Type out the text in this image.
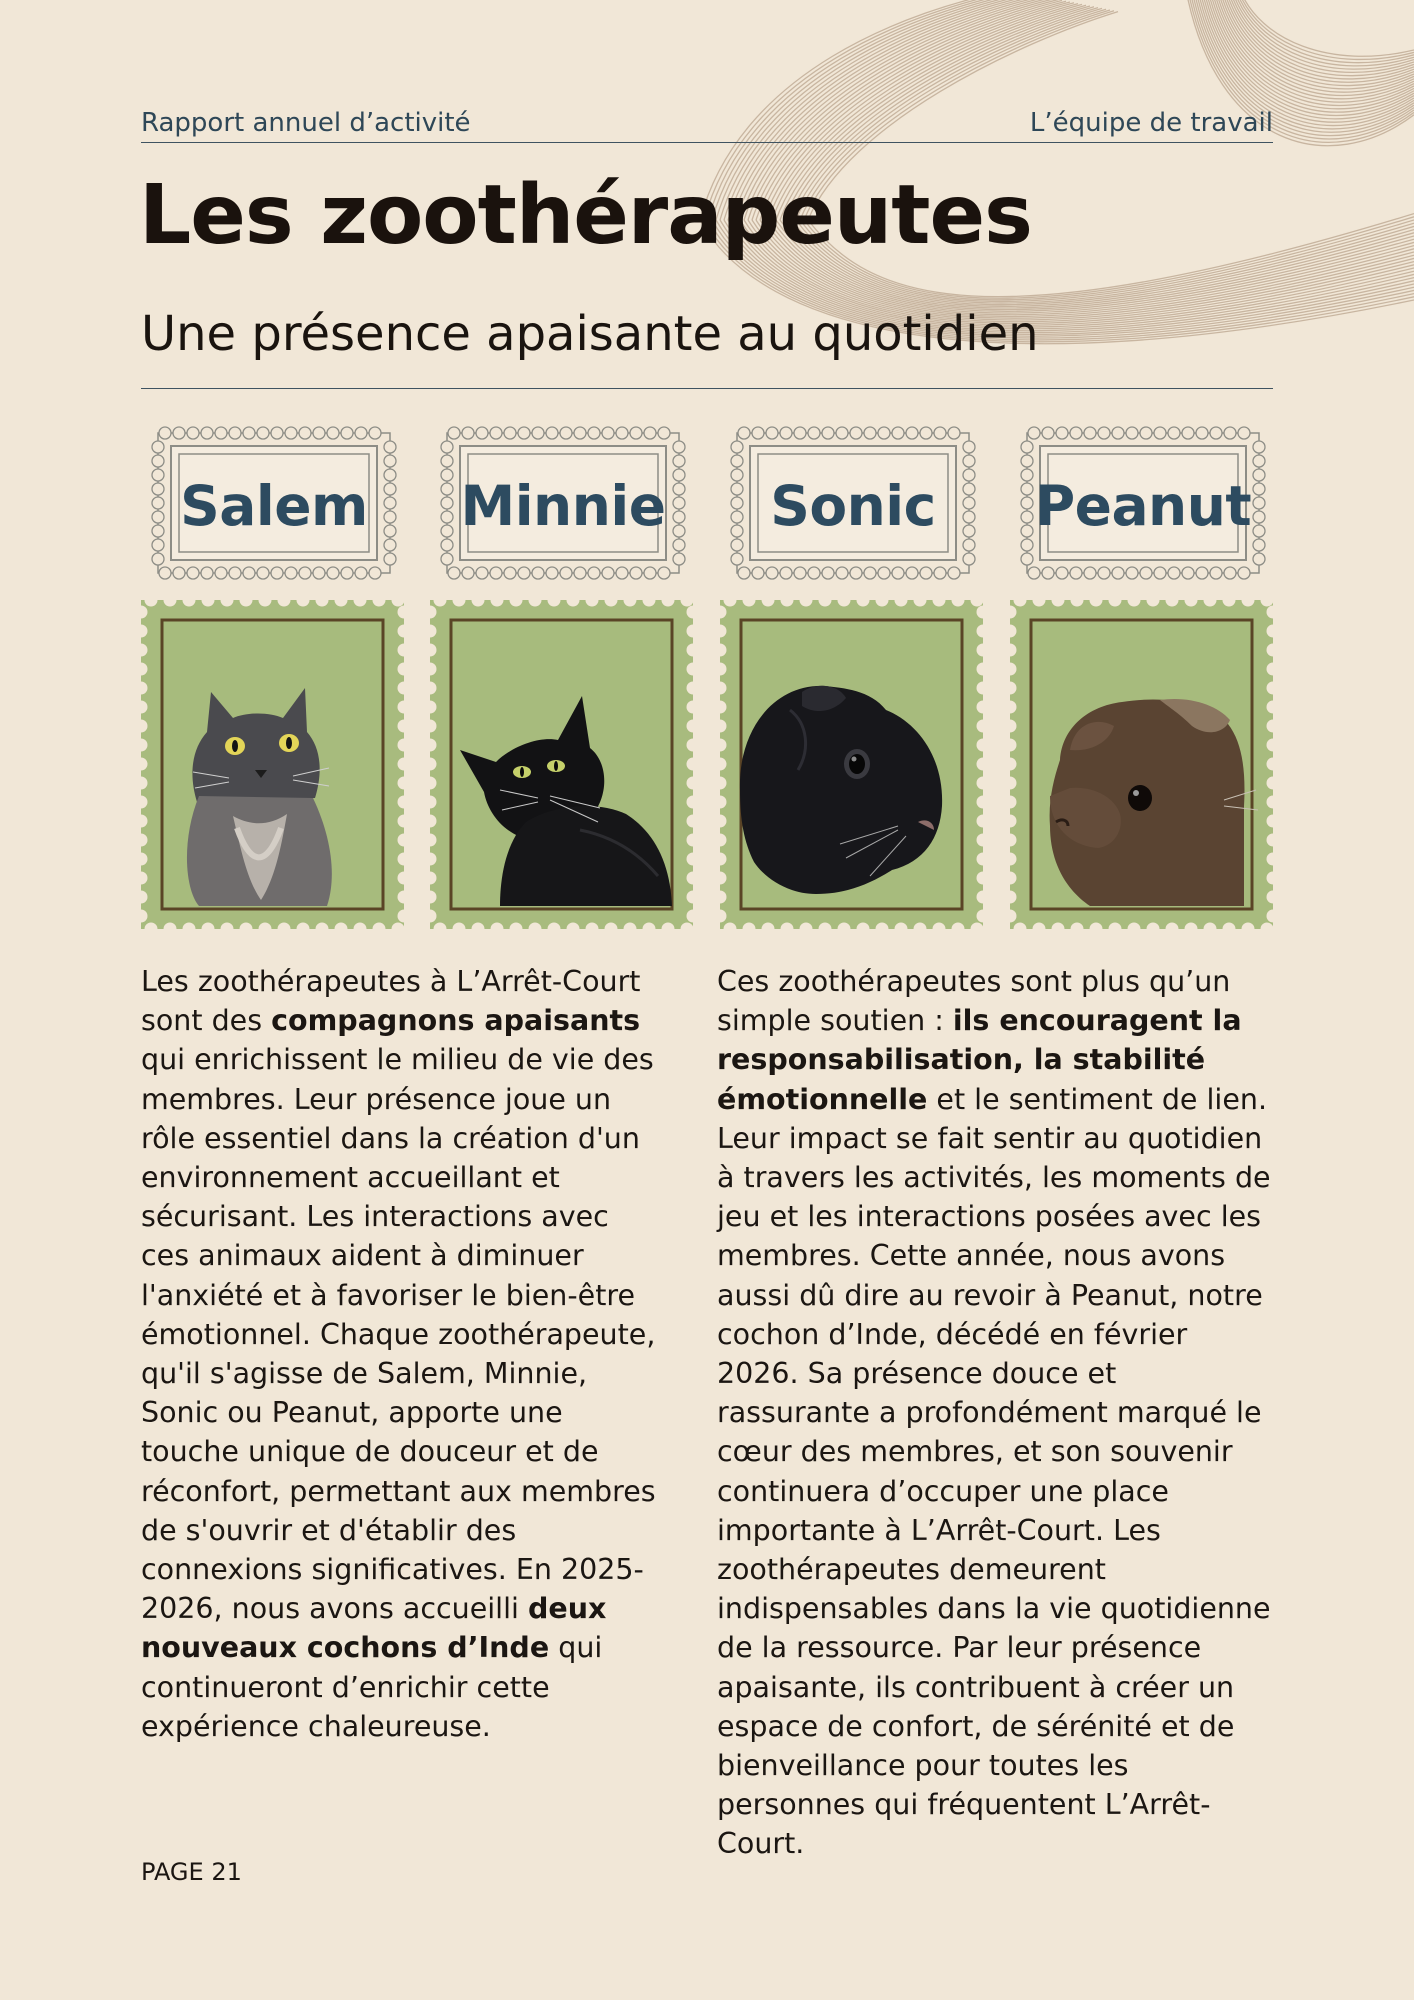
Rapport annuel d’activité	L’équipe de travail
Les zoothérapeutes
Une présence apaisante au quotidien
Salem	Minnie	Sonic	Peanut

Les zoothérapeutes à L’Arrêt-Court sont des compagnons apaisants qui enrichissent le milieu de vie des membres. Leur présence joue un rôle essentiel dans la création d'un environnement accueillant et sécurisant. Les interactions avec ces animaux aident à diminuer l'anxiété et à favoriser le bien-être émotionnel. Chaque zoothérapeute, qu'il s'agisse de Salem, Minnie, Sonic ou Peanut, apporte une touche unique de douceur et de réconfort, permettant aux membres de s'ouvrir et d'établir des connexions significatives. En 2025-2026, nous avons accueilli deux nouveaux cochons d’Inde qui continueront d’enrichir cette expérience chaleureuse.

Ces zoothérapeutes sont plus qu’un simple soutien : ils encouragent la responsabilisation, la stabilité émotionnelle et le sentiment de lien. Leur impact se fait sentir au quotidien à travers les activités, les moments de jeu et les interactions posées avec les membres. Cette année, nous avons aussi dû dire au revoir à Peanut, notre cochon d’Inde, décédé en février 2026. Sa présence douce et rassurante a profondément marqué le cœur des membres, et son souvenir continuera d’occuper une place importante à L’Arrêt-Court. Les zoothérapeutes demeurent indispensables dans la vie quotidienne de la ressource. Par leur présence apaisante, ils contribuent à créer un espace de confort, de sérénité et de bienveillance pour toutes les personnes qui fréquentent L’Arrêt-Court.

PAGE 21
